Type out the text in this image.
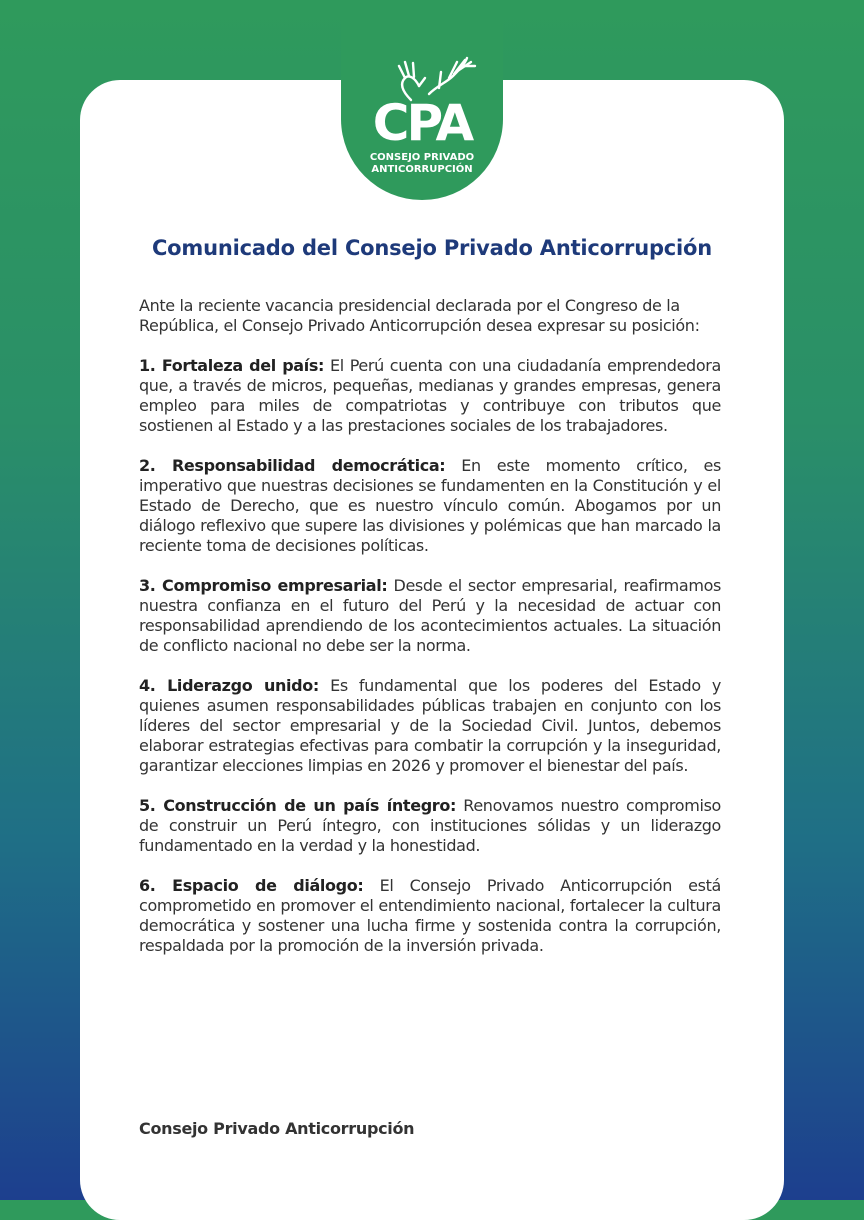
CPA
CONSEJO PRIVADO
ANTICORRUPCIÓN
Comunicado del Consejo Privado Anticorrupción

Ante la reciente vacancia presidencial declarada por el Congreso de la República, el Consejo Privado Anticorrupción desea expresar su posición:

1. Fortaleza del país: El Perú cuenta con una ciudadanía emprendedora que, a través de micros, pequeñas, medianas y grandes empresas, genera empleo para miles de compatriotas y contribuye con tributos que sostienen al Estado y a las prestaciones sociales de los trabajadores.

2. Responsabilidad democrática: En este momento crítico, es imperativo que nuestras decisiones se fundamenten en la Constitución y el Estado de Derecho, que es nuestro vínculo común. Abogamos por un diálogo reflexivo que supere las divisiones y polémicas que han marcado la reciente toma de decisiones políticas.

3. Compromiso empresarial: Desde el sector empresarial, reafirmamos nuestra confianza en el futuro del Perú y la necesidad de actuar con responsabilidad aprendiendo de los acontecimientos actuales. La situación de conflicto nacional no debe ser la norma.

4. Liderazgo unido: Es fundamental que los poderes del Estado y quienes asumen responsabilidades públicas trabajen en conjunto con los líderes del sector empresarial y de la Sociedad Civil. Juntos, debemos elaborar estrategias efectivas para combatir la corrupción y la inseguridad, garantizar elecciones limpias en 2026 y promover el bienestar del país.

5. Construcción de un país íntegro: Renovamos nuestro compromiso de construir un Perú íntegro, con instituciones sólidas y un liderazgo fundamentado en la verdad y la honestidad.

6. Espacio de diálogo: El Consejo Privado Anticorrupción está comprometido en promover el entendimiento nacional, fortalecer la cultura democrática y sostener una lucha firme y sostenida contra la corrupción, respaldada por la promoción de la inversión privada.

Consejo Privado Anticorrupción
